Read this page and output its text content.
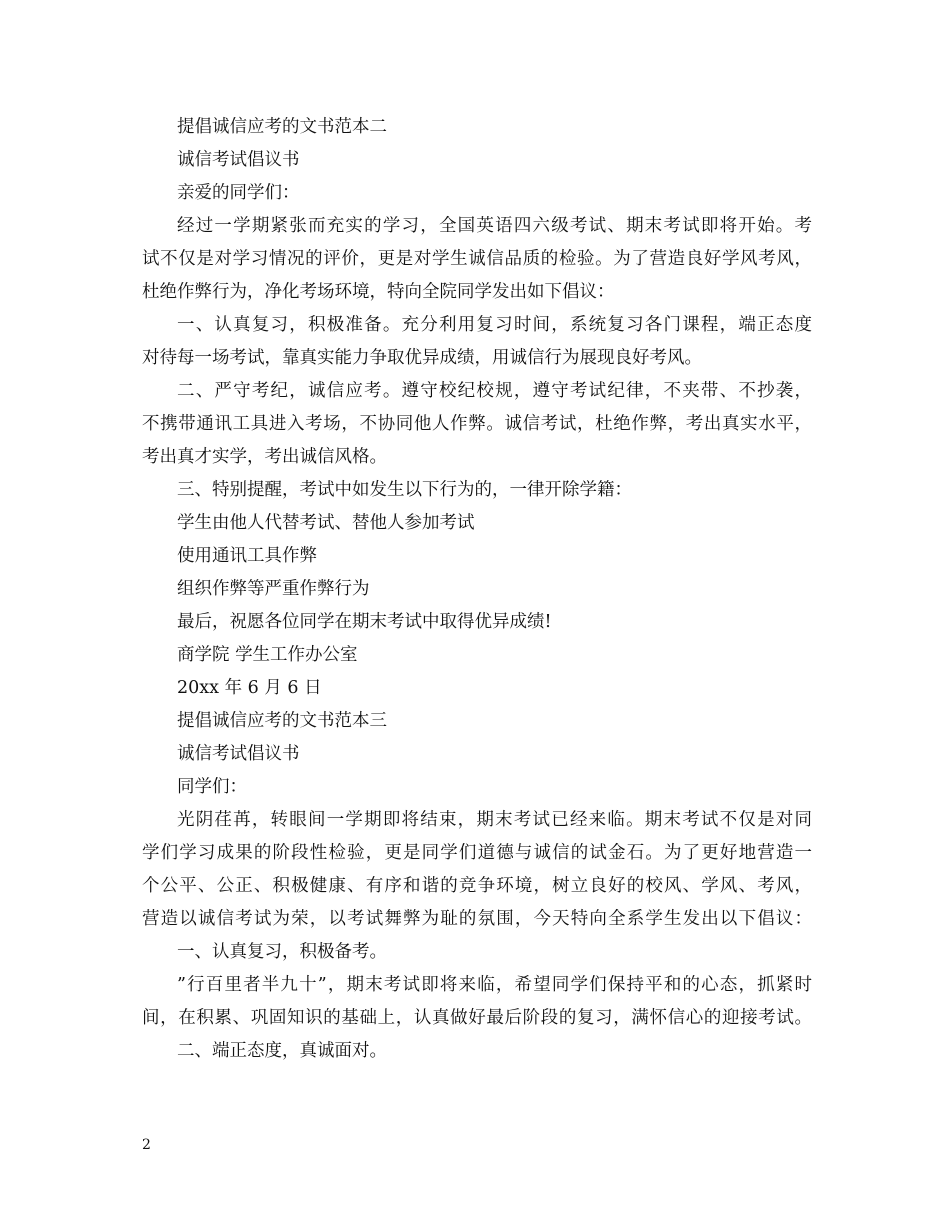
提倡诚信应考的文书范本二
诚信考试倡议书
亲爱的同学们：
经过一学期紧张而充实的学习，全国英语四六级考试、期末考试即将开始。考
试不仅是对学习情况的评价，更是对学生诚信品质的检验。为了营造良好学风考风，
杜绝作弊行为，净化考场环境，特向全院同学发出如下倡议：
一、认真复习，积极准备。充分利用复习时间，系统复习各门课程，端正态度
对待每一场考试，靠真实能力争取优异成绩，用诚信行为展现良好考风。
二、严守考纪，诚信应考。遵守校纪校规，遵守考试纪律，不夹带、不抄袭，
不携带通讯工具进入考场，不协同他人作弊。诚信考试，杜绝作弊，考出真实水平，
考出真才实学，考出诚信风格。
三、特别提醒，考试中如发生以下行为的，一律开除学籍：
学生由他人代替考试、替他人参加考试
使用通讯工具作弊
组织作弊等严重作弊行为
最后，祝愿各位同学在期末考试中取得优异成绩!
商学院 学生工作办公室
20xx 年 6 月 6 日
提倡诚信应考的文书范本三
诚信考试倡议书
同学们：
光阴荏苒，转眼间一学期即将结束，期末考试已经来临。期末考试不仅是对同
学们学习成果的阶段性检验，更是同学们道德与诚信的试金石。为了更好地营造一
个公平、公正、积极健康、有序和谐的竞争环境，树立良好的校风、学风、考风，
营造以诚信考试为荣，以考试舞弊为耻的氛围，今天特向全系学生发出以下倡议：
一、认真复习，积极备考。
”行百里者半九十”，期末考试即将来临，希望同学们保持平和的心态，抓紧时
间，在积累、巩固知识的基础上，认真做好最后阶段的复习，满怀信心的迎接考试。
二、端正态度，真诚面对。
2
